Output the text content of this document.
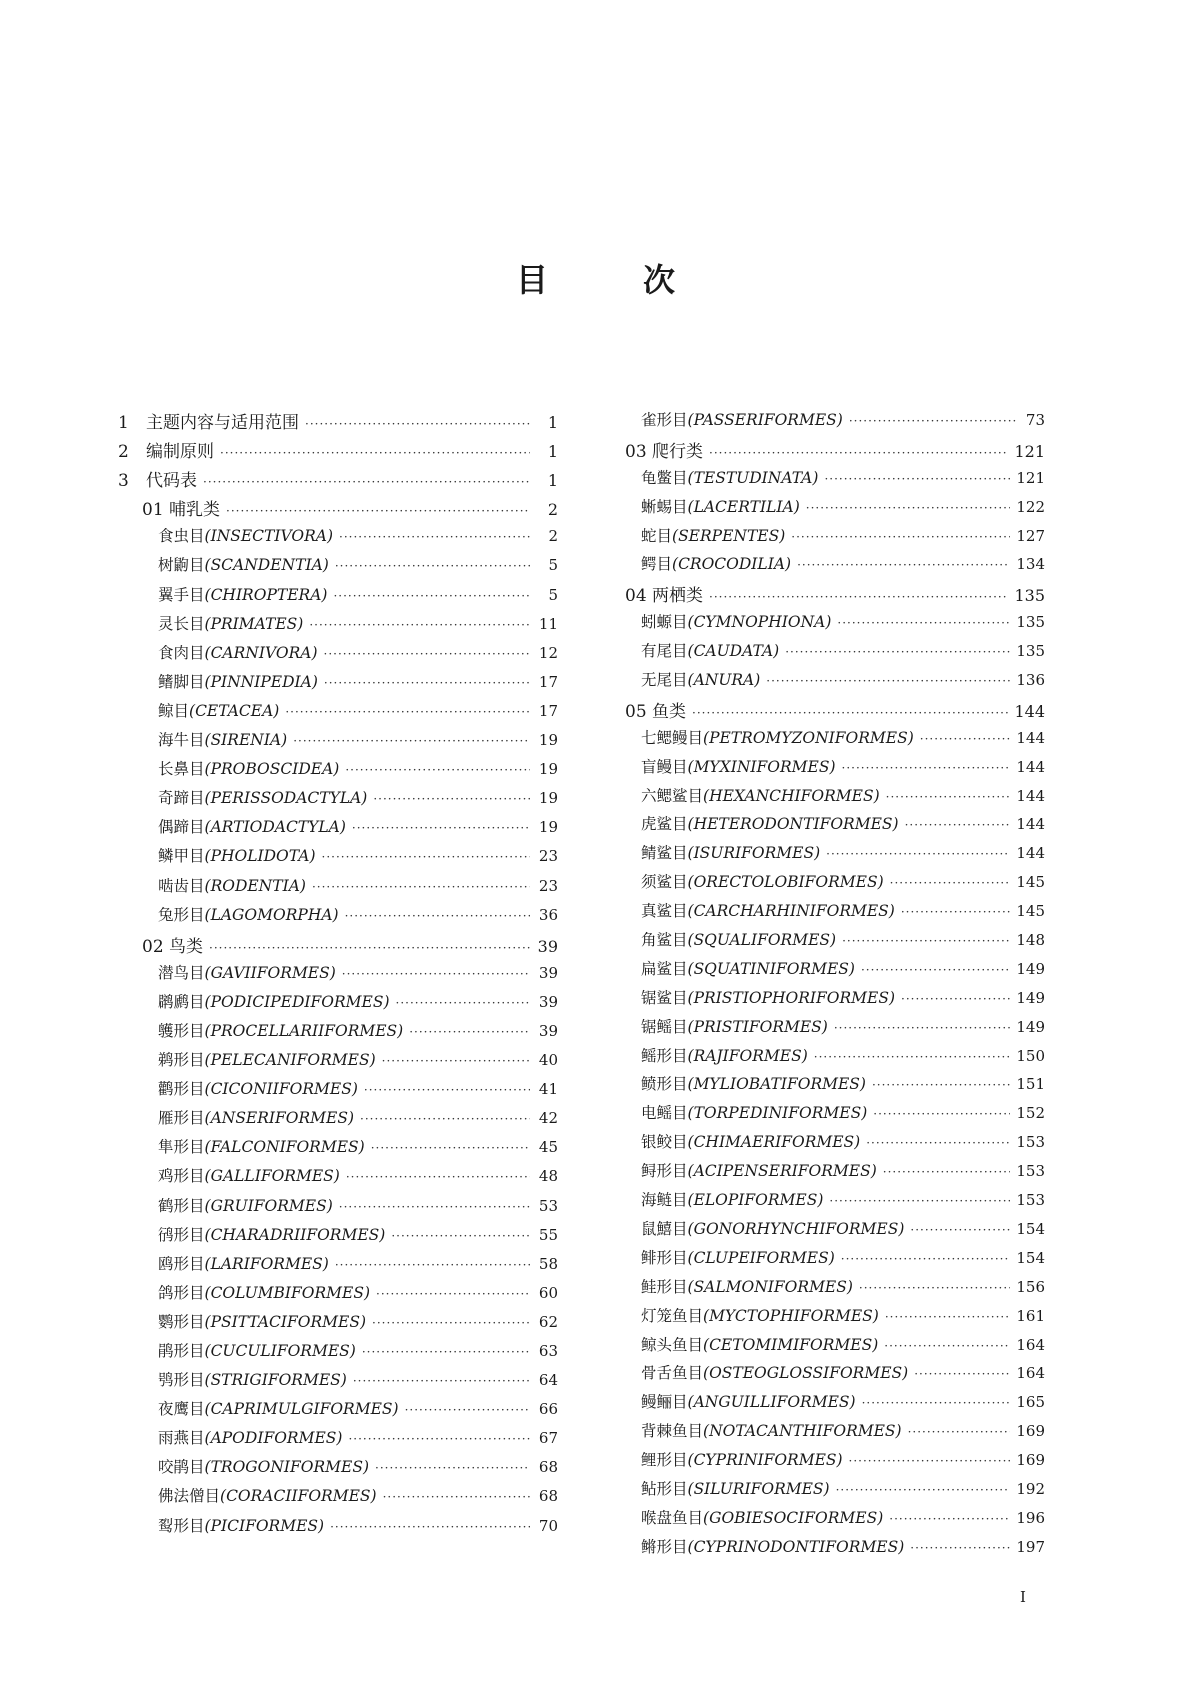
目	次
1	主题内容与适用范围 ·····	1
2	编制原则 ·····	1
3	代码表 ·····	1
01 哺乳类 ·····	2
食虫目 (INSECTIVORA) ·····	2
树鼩目 (SCANDENTIA) ·····	5
翼手目 (CHIROPTERA) ·····	5
灵长目 (PRIMATES) ·····	11
食肉目 (CARNIVORA) ·····	12
鳍脚目 (PINNIPEDIA) ·····	17
鲸目 (CETACEA) ·····	17
海牛目 (SIRENIA) ·····	19
长鼻目 (PROBOSCIDEA) ·····	19
奇蹄目 (PERISSODACTYLA) ·····	19
偶蹄目 (ARTIODACTYLA) ·····	19
鳞甲目 (PHOLIDOTA) ·····	23
啮齿目 (RODENTIA) ·····	23
兔形目 (LAGOMORPHA) ·····	36
02 鸟类 ·····	39
潜鸟目 (GAVIIFORMES) ·····	39
䴙䴘目 (PODICIPEDIFORMES) ·····	39
鹱形目 (PROCELLARIIFORMES) ·····	39
鹈形目 (PELECANIFORMES) ·····	40
鹳形目 (CICONIIFORMES) ·····	41
雁形目 (ANSERIFORMES) ·····	42
隼形目 (FALCONIFORMES) ·····	45
鸡形目 (GALLIFORMES) ·····	48
鹤形目 (GRUIFORMES) ·····	53
鸻形目 (CHARADRIIFORMES) ·····	55
鸥形目 (LARIFORMES) ·····	58
鸽形目 (COLUMBIFORMES) ·····	60
鹦形目 (PSITTACIFORMES) ·····	62
鹃形目 (CUCULIFORMES) ·····	63
鸮形目 (STRIGIFORMES) ·····	64
夜鹰目 (CAPRIMULGIFORMES) ·····	66
雨燕目 (APODIFORMES) ·····	67
咬鹃目 (TROGONIFORMES) ·····	68
佛法僧目 (CORACIIFORMES) ·····	68
䴕形目 (PICIFORMES) ·····	70
雀形目 (PASSERIFORMES) ·····	73
03 爬行类 ·····	121
龟鳖目 (TESTUDINATA) ·····	121
蜥蜴目 (LACERTILIA) ·····	122
蛇目 (SERPENTES) ·····	127
鳄目 (CROCODILIA) ·····	134
04 两栖类 ·····	135
蚓螈目 (CYMNOPHIONA) ·····	135
有尾目 (CAUDATA) ·····	135
无尾目 (ANURA) ·····	136
05 鱼类 ·····	144
七鳃鳗目 (PETROMYZONIFORMES) ·····	144
盲鳗目 (MYXINIFORMES) ·····	144
六鳃鲨目 (HEXANCHIFORMES) ·····	144
虎鲨目 (HETERODONTIFORMES) ·····	144
鲭鲨目 (ISURIFORMES) ·····	144
须鲨目 (ORECTOLOBIFORMES) ·····	145
真鲨目 (CARCHARHINIFORMES) ·····	145
角鲨目 (SQUALIFORMES) ·····	148
扁鲨目 (SQUATINIFORMES) ·····	149
锯鲨目 (PRISTIOPHORIFORMES) ·····	149
锯鳐目 (PRISTIFORMES) ·····	149
鳐形目 (RAJIFORMES) ·····	150
鲼形目 (MYLIOBATIFORMES) ·····	151
电鳐目 (TORPEDINIFORMES) ·····	152
银鲛目 (CHIMAERIFORMES) ·····	153
鲟形目 (ACIPENSERIFORMES) ·····	153
海鲢目 (ELOPIFORMES) ·····	153
鼠鱚目 (GONORHYNCHIFORMES) ·····	154
鲱形目 (CLUPEIFORMES) ·····	154
鲑形目 (SALMONIFORMES) ·····	156
灯笼鱼目 (MYCTOPHIFORMES) ·····	161
鲸头鱼目 (CETOMIMIFORMES) ·····	164
骨舌鱼目 (OSTEOGLOSSIFORMES) ·····	164
鳗鲡目 (ANGUILLIFORMES) ·····	165
背棘鱼目 (NOTACANTHIFORMES) ·····	169
鲤形目 (CYPRINIFORMES) ·····	169
鲇形目 (SILURIFORMES) ·····	192
喉盘鱼目 (GOBIESOCIFORMES) ·····	196
鳉形目 (CYPRINODONTIFORMES) ·····	197
I
